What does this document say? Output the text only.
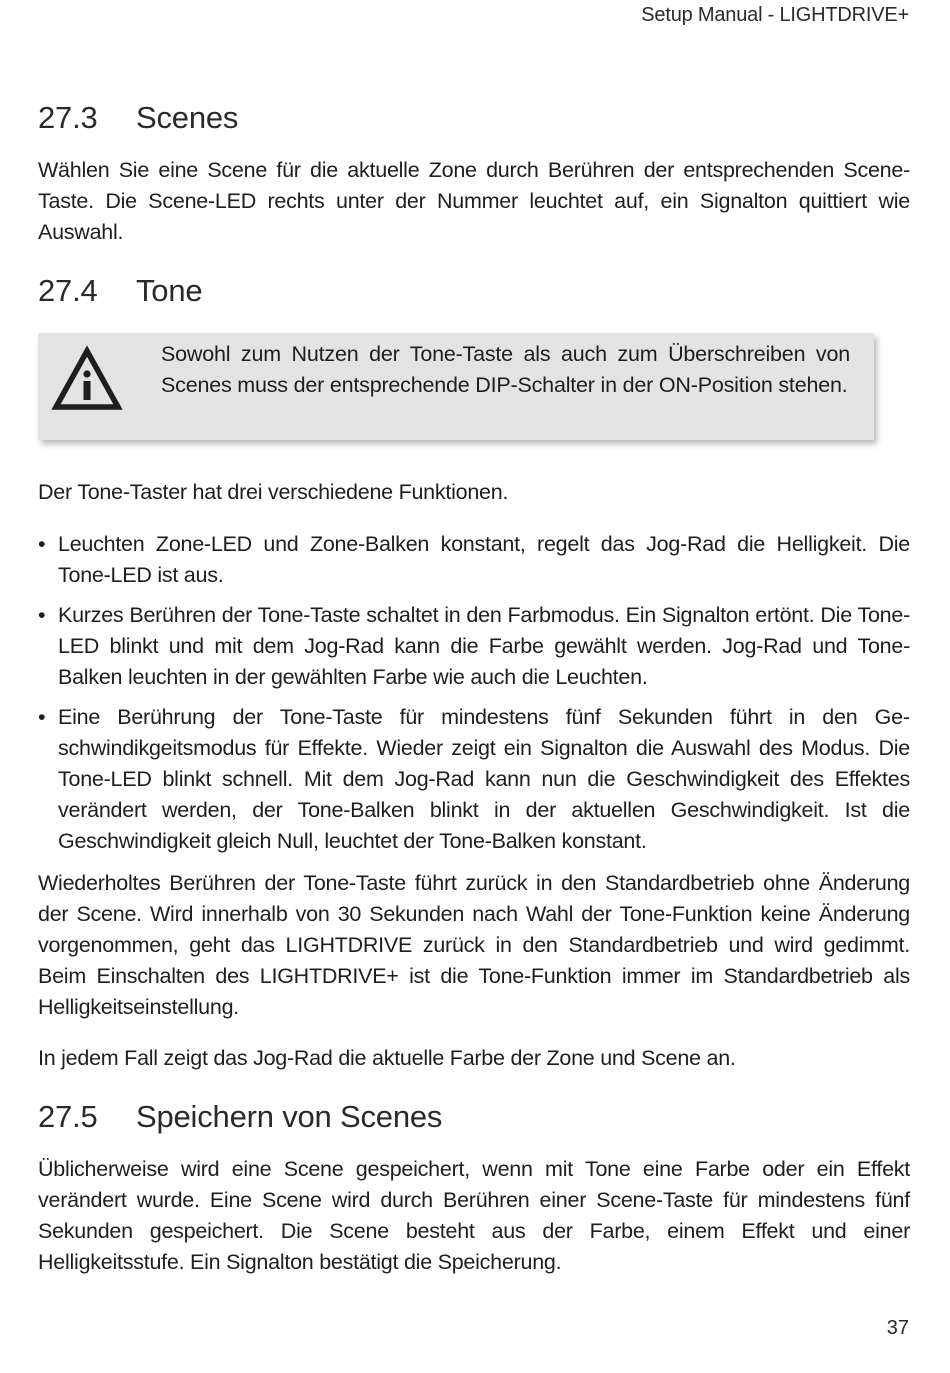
Setup Manual - LIGHTDRIVE+
27.3 Scenes

Wählen Sie eine Scene für die aktuelle Zone durch Berühren der entsprechenden Scene-Taste. Die Scene-LED rechts unter der Nummer leuchtet auf, ein Signalton quittiert wie Auswahl.

27.4 Tone

Sowohl zum Nutzen der Tone-Taste als auch zum Überschreiben von Scenes muss der entsprechende DIP-Schalter in der ON-Position stehen.

Der Tone-Taster hat drei verschiedene Funktionen.

• Leuchten Zone-LED und Zone-Balken konstant, regelt das Jog-Rad die Helligkeit. Die Tone-LED ist aus.

• Kurzes Berühren der Tone-Taste schaltet in den Farbmodus. Ein Signalton ertönt. Die Tone-LED blinkt und mit dem Jog-Rad kann die Farbe gewählt werden. Jog-Rad und Tone-Balken leuchten in der gewählten Farbe wie auch die Leuchten.

• Eine Berührung der Tone-Taste für mindestens fünf Sekunden führt in den Geschwindikgeitsmodus für Effekte. Wieder zeigt ein Signalton die Auswahl des Modus. Die Tone-LED blinkt schnell. Mit dem Jog-Rad kann nun die Geschwindigkeit des Effektes verändert werden, der Tone-Balken blinkt in der aktuellen Geschwindigkeit. Ist die Geschwindigkeit gleich Null, leuchtet der Tone-Balken konstant.

Wiederholtes Berühren der Tone-Taste führt zurück in den Standardbetrieb ohne Änderung der Scene. Wird innerhalb von 30 Sekunden nach Wahl der Tone-Funktion keine Änderung vorgenommen, geht das LIGHTDRIVE zurück in den Standardbetrieb und wird gedimmt. Beim Einschalten des LIGHTDRIVE+ ist die Tone-Funktion immer im Standardbetrieb als Helligkeitseinstellung.

In jedem Fall zeigt das Jog-Rad die aktuelle Farbe der Zone und Scene an.

27.5 Speichern von Scenes

Üblicherweise wird eine Scene gespeichert, wenn mit Tone eine Farbe oder ein Effekt verändert wurde. Eine Scene wird durch Berühren einer Scene-Taste für mindestens fünf Sekunden gespeichert. Die Scene besteht aus der Farbe, einem Effekt und einer Helligkeitsstufe. Ein Signalton bestätigt die Speicherung.

37
